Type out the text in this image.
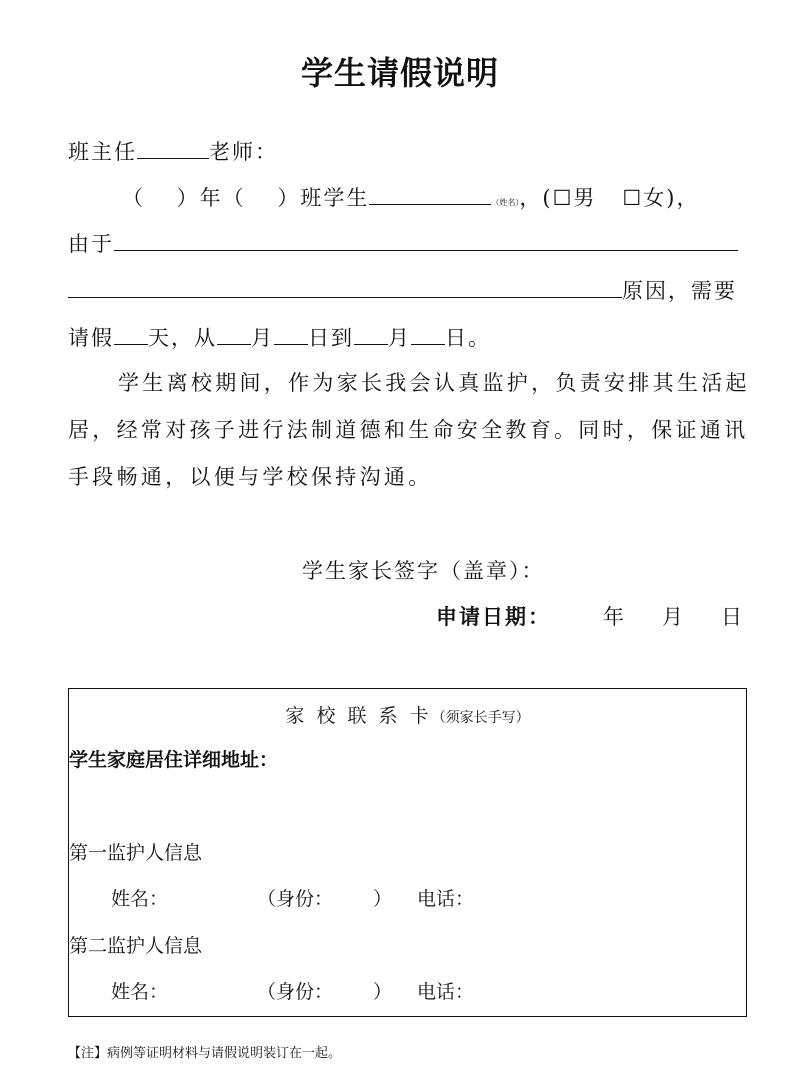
学生请假说明
班主任	老师：
（　 ）年（　 ）班学生	（姓名），(☐男 ☐女)，
由于
原因，需要
请假 天，从 月 日到 月 日。
学生离校期间，作为家长我会认真监护，负责安排其生活起
居，经常对孩子进行法制道德和生命安全教育。同时，保证通讯
手段畅通，以便与学校保持沟通。
学生家长签字（盖章）：
申请日期： 年 月 日
家 校 联 系 卡（须家长手写）
学生家庭居住详细地址：
第一监护人信息
姓名：	（身份： ） 电话：
第二监护人信息
姓名：	（身份： ） 电话：
【注】病例等证明材料与请假说明装订在一起。
